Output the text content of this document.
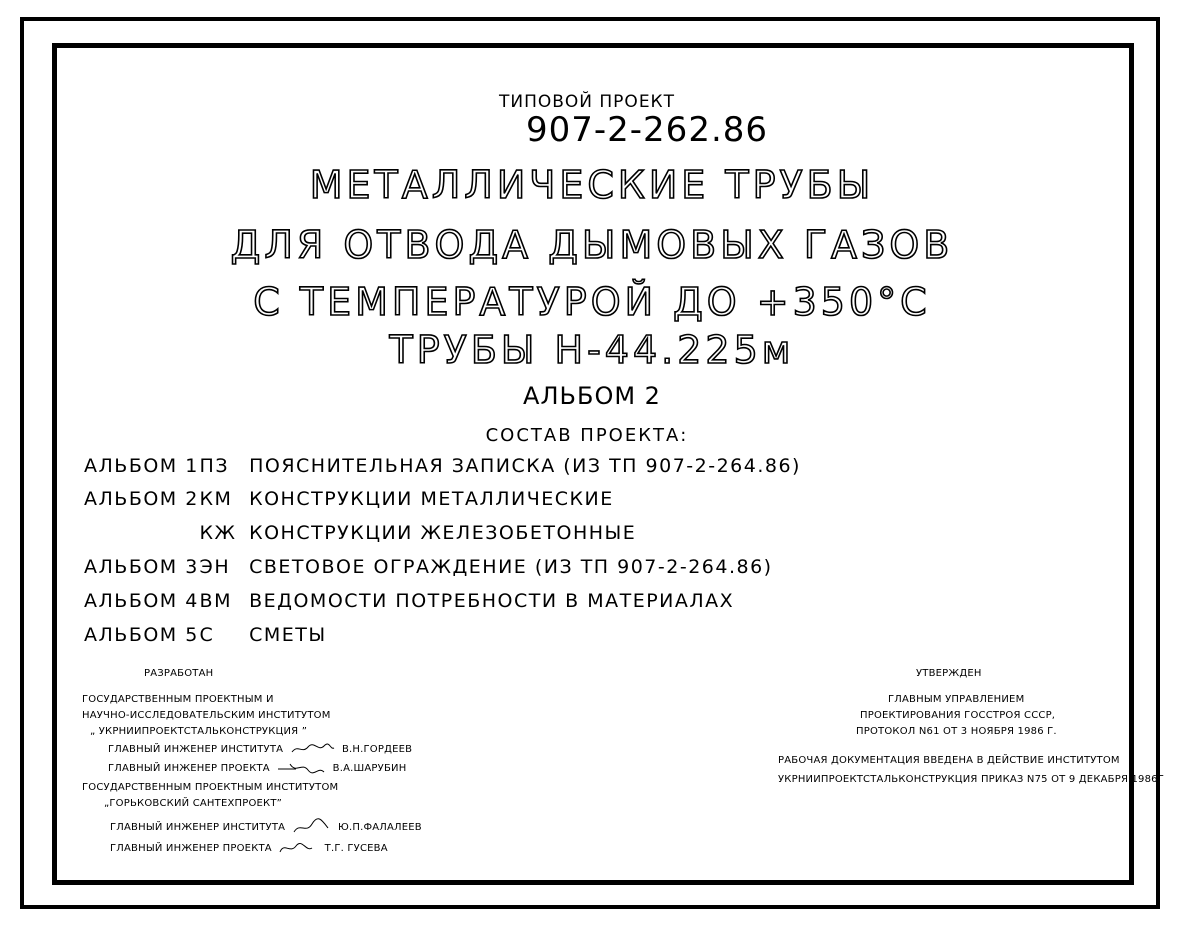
ТИПОВОЙ ПРОЕКТ
907-2-262.86
МЕТАЛЛИЧЕСКИЕ ТРУБЫ
ДЛЯ ОТВОДА ДЫМОВЫХ ГАЗОВ
С ТЕМПЕРАТУРОЙ ДО +350°С
ТРУБЫ Н-44.225м
АЛЬБОМ 2
СОСТАВ ПРОЕКТА:
АЛЬБОМ 1 ПЗ ПОЯСНИТЕЛЬНАЯ ЗАПИСКА (ИЗ ТП 907-2-264.86)
АЛЬБОМ 2 КМ КОНСТРУКЦИИ МЕТАЛЛИЧЕСКИЕ
КЖ КОНСТРУКЦИИ ЖЕЛЕЗОБЕТОННЫЕ
АЛЬБОМ 3 ЭН СВЕТОВОЕ ОГРАЖДЕНИЕ (ИЗ ТП 907-2-264.86)
АЛЬБОМ 4 ВМ ВЕДОМОСТИ ПОТРЕБНОСТИ В МАТЕРИАЛАХ
АЛЬБОМ 5 С СМЕТЫ
РАЗРАБОТАН
ГОСУДАРСТВЕННЫМ ПРОЕКТНЫМ И
НАУЧНО-ИССЛЕДОВАТЕЛЬСКИМ ИНСТИТУТОМ
„ УКРНИИПРОЕКТСТАЛЬКОНСТРУКЦИЯ ”
ГЛАВНЫЙ ИНЖЕНЕР ИНСТИТУТА	В.Н.ГОРДЕЕВ
ГЛАВНЫЙ ИНЖЕНЕР ПРОЕКТА	В.А.ШАРУБИН
ГОСУДАРСТВЕННЫМ ПРОЕКТНЫМ ИНСТИТУТОМ
„ГОРЬКОВСКИЙ САНТЕХПРОЕКТ”
ГЛАВНЫЙ ИНЖЕНЕР ИНСТИТУТА	Ю.П.ФАЛАЛЕЕВ
ГЛАВНЫЙ ИНЖЕНЕР ПРОЕКТА	Т.Г. ГУСЕВА
УТВЕРЖДЕН
ГЛАВНЫМ УПРАВЛЕНИЕМ
ПРОЕКТИРОВАНИЯ ГОССТРОЯ СССР,
ПРОТОКОЛ N61 ОТ 3 НОЯБРЯ 1986 Г.
РАБОЧАЯ ДОКУМЕНТАЦИЯ ВВЕДЕНА В ДЕЙСТВИЕ ИНСТИТУТОМ
УКРНИИПРОЕКТСТАЛЬКОНСТРУКЦИЯ ПРИКАЗ N75 ОТ 9 ДЕКАБРЯ 1986Г
